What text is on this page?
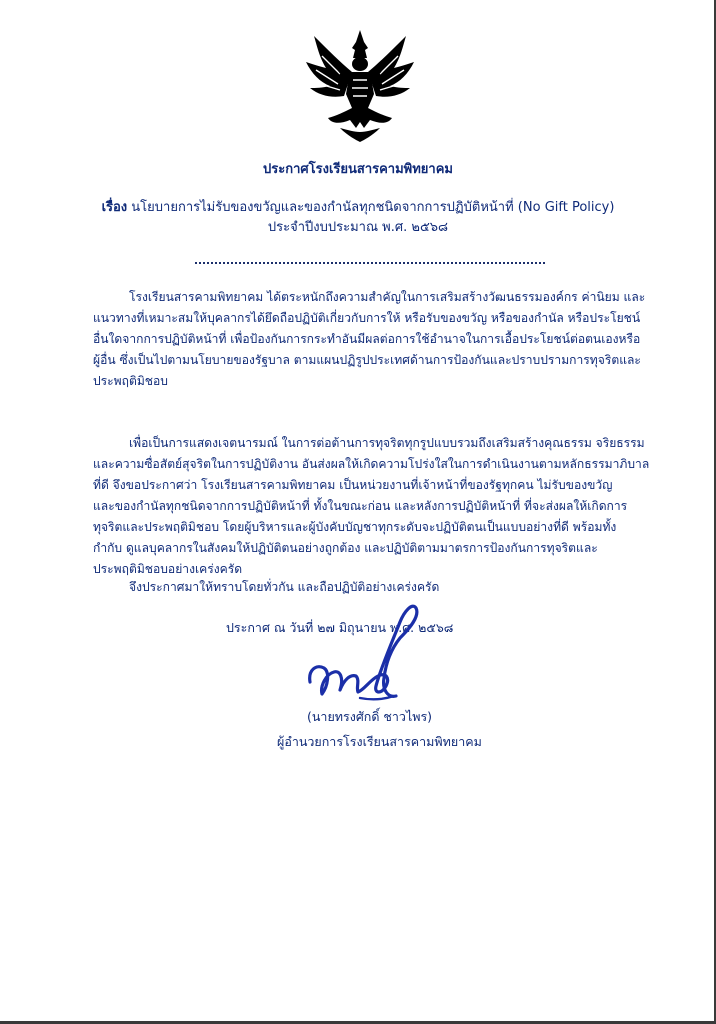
ประกาศโรงเรียนสารคามพิทยาคม
เรื่อง นโยบายการไม่รับของขวัญและของกำนัลทุกชนิดจากการปฏิบัติหน้าที่ (No Gift Policy)
ประจำปีงบประมาณ พ.ศ. ๒๕๖๘
โรงเรียนสารคามพิทยาคม ได้ตระหนักถึงความสำคัญในการเสริมสร้างวัฒนธรรมองค์กร ค่านิยม และ
แนวทางที่เหมาะสมให้บุคลากรได้ยึดถือปฏิบัติเกี่ยวกับการให้ หรือรับของขวัญ หรือของกำนัล หรือประโยชน์
อื่นใดจากการปฏิบัติหน้าที่ เพื่อป้องกันการกระทำอันมีผลต่อการใช้อำนาจในการเอื้อประโยชน์ต่อตนเองหรือ
ผู้อื่น ซึ่งเป็นไปตามนโยบายของรัฐบาล ตามแผนปฏิรูปประเทศด้านการป้องกันและปราบปรามการทุจริตและ
ประพฤติมิชอบ
เพื่อเป็นการแสดงเจตนารมณ์ ในการต่อต้านการทุจริตทุกรูปแบบรวมถึงเสริมสร้างคุณธรรม จริยธรรม
และความซื่อสัตย์สุจริตในการปฏิบัติงาน อันส่งผลให้เกิดความโปร่งใสในการดำเนินงานตามหลักธรรมาภิบาล
ที่ดี จึงขอประกาศว่า โรงเรียนสารคามพิทยาคม เป็นหน่วยงานที่เจ้าหน้าที่ของรัฐทุกคน ไม่รับของขวัญ
และของกำนัลทุกชนิดจากการปฏิบัติหน้าที่ ทั้งในขณะก่อน และหลังการปฏิบัติหน้าที่ ที่จะส่งผลให้เกิดการ
ทุจริตและประพฤติมิชอบ โดยผู้บริหารและผู้บังคับบัญชาทุกระดับจะปฏิบัติตนเป็นแบบอย่างที่ดี พร้อมทั้ง
กำกับ ดูแลบุคลากรในสังคมให้ปฏิบัติตนอย่างถูกต้อง และปฏิบัติตามมาตรการป้องกันการทุจริตและ
ประพฤติมิชอบอย่างเคร่งครัด
จึงประกาศมาให้ทราบโดยทั่วกัน และถือปฏิบัติอย่างเคร่งครัด
ประกาศ ณ วันที่ ๒๗ มิถุนายน พ.ศ. ๒๕๖๘
(นายทรงศักดิ์ ชาวไพร)
ผู้อำนวยการโรงเรียนสารคามพิทยาคม
